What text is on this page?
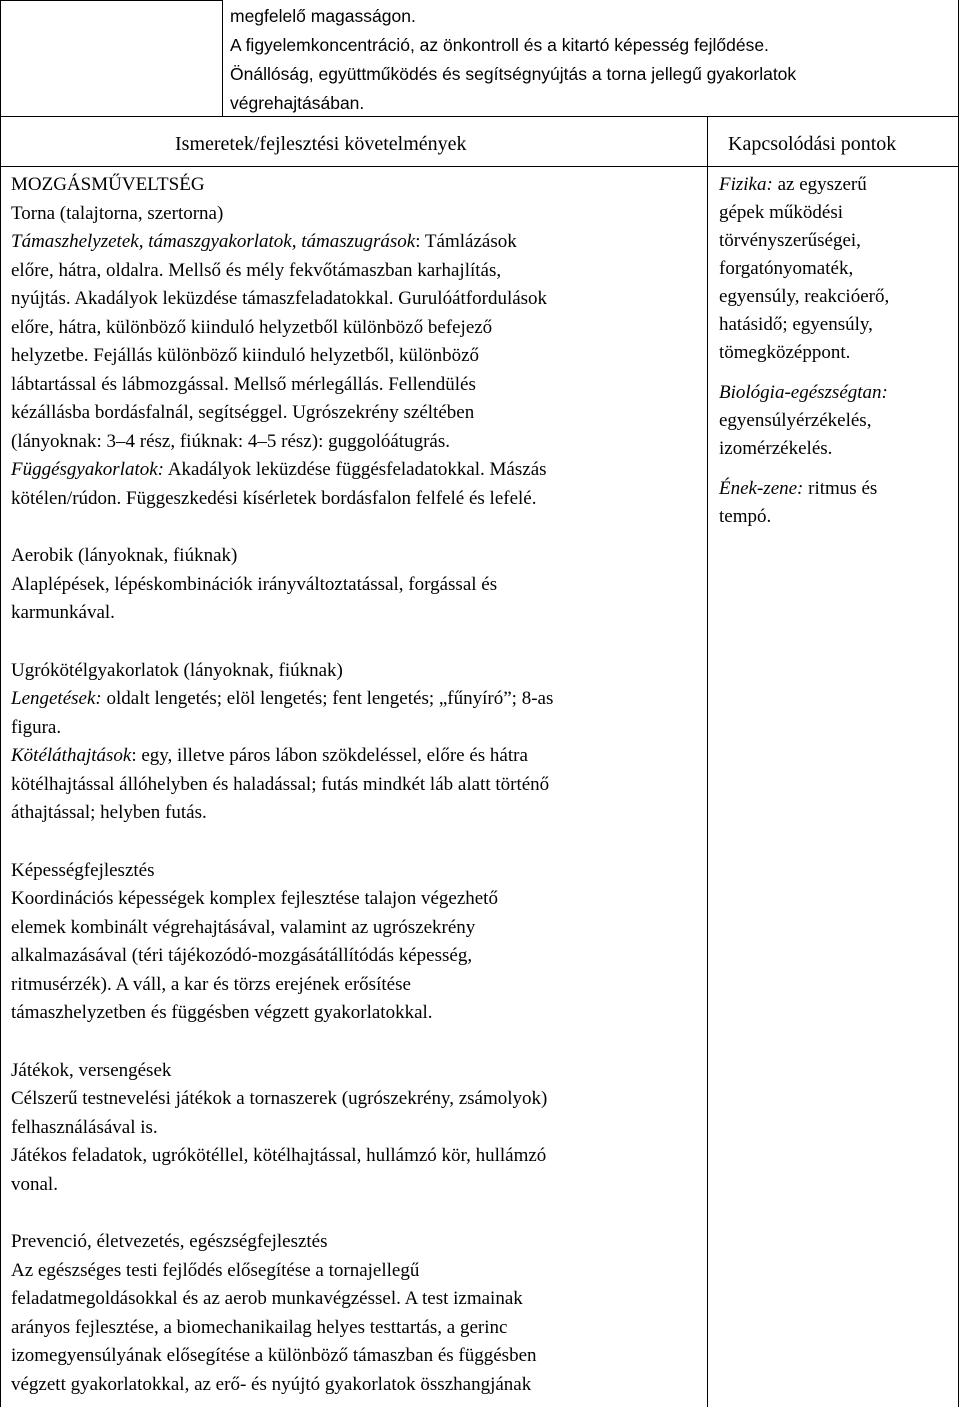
megfelelő magasságon.
A figyelemkoncentráció, az önkontroll és a kitartó képesség fejlődése.
Önállóság, együttműködés és segítségnyújtás a torna jellegű gyakorlatok
végrehajtásában.
Ismeretek/fejlesztési követelmények	Kapcsolódási pontok
MOZGÁSMŰVELTSÉG
Torna (talajtorna, szertorna)
Támaszhelyzetek, támaszgyakorlatok, támaszugrások: Támlázások
előre, hátra, oldalra. Mellső és mély fekvőtámaszban karhajlítás,
nyújtás. Akadályok leküzdése támaszfeladatokkal. Gurulóátfordulások
előre, hátra, különböző kiinduló helyzetből különböző befejező
helyzetbe. Fejállás különböző kiinduló helyzetből, különböző
lábtartással és lábmozgással. Mellső mérlegállás. Fellendülés
kézállásba bordásfalnál, segítséggel. Ugrószekrény széltében
(lányoknak: 3–4 rész, fiúknak: 4–5 rész): guggolóátugrás.
Függésgyakorlatok: Akadályok leküzdése függésfeladatokkal. Mászás
kötélen/rúdon. Függeszkedési kísérletek bordásfalon felfelé és lefelé.
Aerobik (lányoknak, fiúknak)
Alaplépések, lépéskombinációk irányváltoztatással, forgással és
karmunkával.
Ugrókötélgyakorlatok (lányoknak, fiúknak)
Lengetések: oldalt lengetés; elöl lengetés; fent lengetés; „fűnyíró”; 8-as
figura.
Kötéláthajtások: egy, illetve páros lábon szökdeléssel, előre és hátra
kötélhajtással állóhelyben és haladással; futás mindkét láb alatt történő
áthajtással; helyben futás.
Képességfejlesztés
Koordinációs képességek komplex fejlesztése talajon végezhető
elemek kombinált végrehajtásával, valamint az ugrószekrény
alkalmazásával (téri tájékozódó-mozgásátállítódás képesség,
ritmusérzék). A váll, a kar és törzs erejének erősítése
támaszhelyzetben és függésben végzett gyakorlatokkal.
Játékok, versengések
Célszerű testnevelési játékok a tornaszerek (ugrószekrény, zsámolyok)
felhasználásával is.
Játékos feladatok, ugrókötéllel, kötélhajtással, hullámzó kör, hullámzó
vonal.
Prevenció, életvezetés, egészségfejlesztés
Az egészséges testi fejlődés elősegítése a tornajellegű
feladatmegoldásokkal és az aerob munkavégzéssel. A test izmainak
arányos fejlesztése, a biomechanikailag helyes testtartás, a gerinc
izomegyensúlyának elősegítése a különböző támaszban és függésben
végzett gyakorlatokkal, az erő- és nyújtó gyakorlatok összhangjának
Fizika: az egyszerű
gépek működési
törvényszerűségei,
forgatónyomaték,
egyensúly, reakcióerő,
hatásidő; egyensúly,
tömegközéppont.
Biológia-egészségtan:
egyensúlyérzékelés,
izomérzékelés.
Ének-zene: ritmus és
tempó.
